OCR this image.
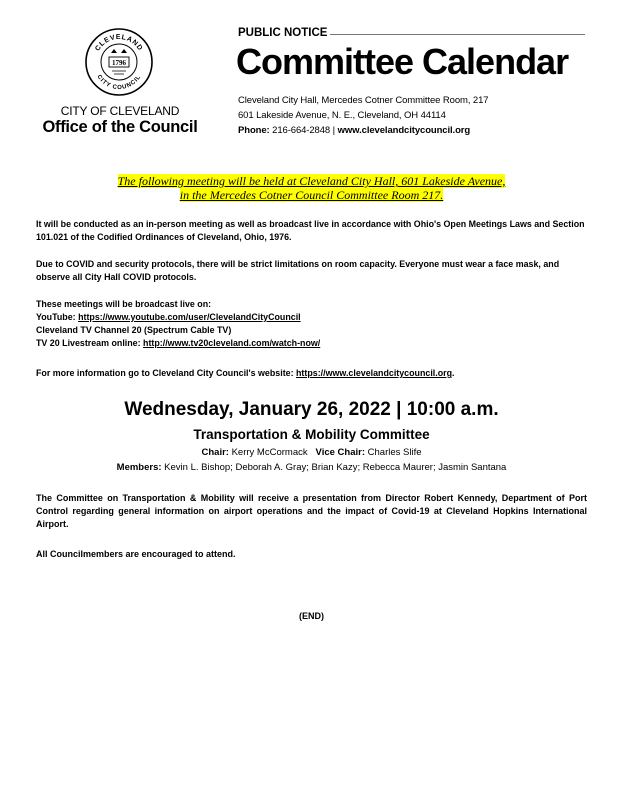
CLEVELAND
CITY COUNCIL
1796
CITY OF CLEVELAND
Office of the Council
PUBLIC NOTICE
Committee Calendar
Cleveland City Hall, Mercedes Cotner Committee Room, 217
601 Lakeside Avenue, N. E., Cleveland, OH 44114
Phone: 216-664-2848 | www.clevelandcitycouncil.org
The following meeting will be held at Cleveland City Hall, 601 Lakeside Avenue,
in the Mercedes Cotner Council Committee Room 217.
It will be conducted as an in-person meeting as well as broadcast live in accordance with Ohio's Open Meetings Laws and Section 101.021 of the Codified Ordinances of Cleveland, Ohio, 1976.
Due to COVID and security protocols, there will be strict limitations on room capacity. Everyone must wear a face mask, and observe all City Hall COVID protocols.
These meetings will be broadcast live on:
YouTube: https://www.youtube.com/user/ClevelandCityCouncil
Cleveland TV Channel 20 (Spectrum Cable TV)
TV 20 Livestream online: http://www.tv20cleveland.com/watch-now/
For more information go to Cleveland City Council's website: https://www.clevelandcitycouncil.org.
Wednesday, January 26, 2022 | 10:00 a.m.
Transportation & Mobility Committee
Chair: Kerry McCormack Vice Chair: Charles Slife
Members: Kevin L. Bishop; Deborah A. Gray; Brian Kazy; Rebecca Maurer; Jasmin Santana
The Committee on Transportation & Mobility will receive a presentation from Director Robert Kennedy, Department of Port Control regarding general information on airport operations and the impact of Covid-19 at Cleveland Hopkins International Airport.
All Councilmembers are encouraged to attend.
(END)
